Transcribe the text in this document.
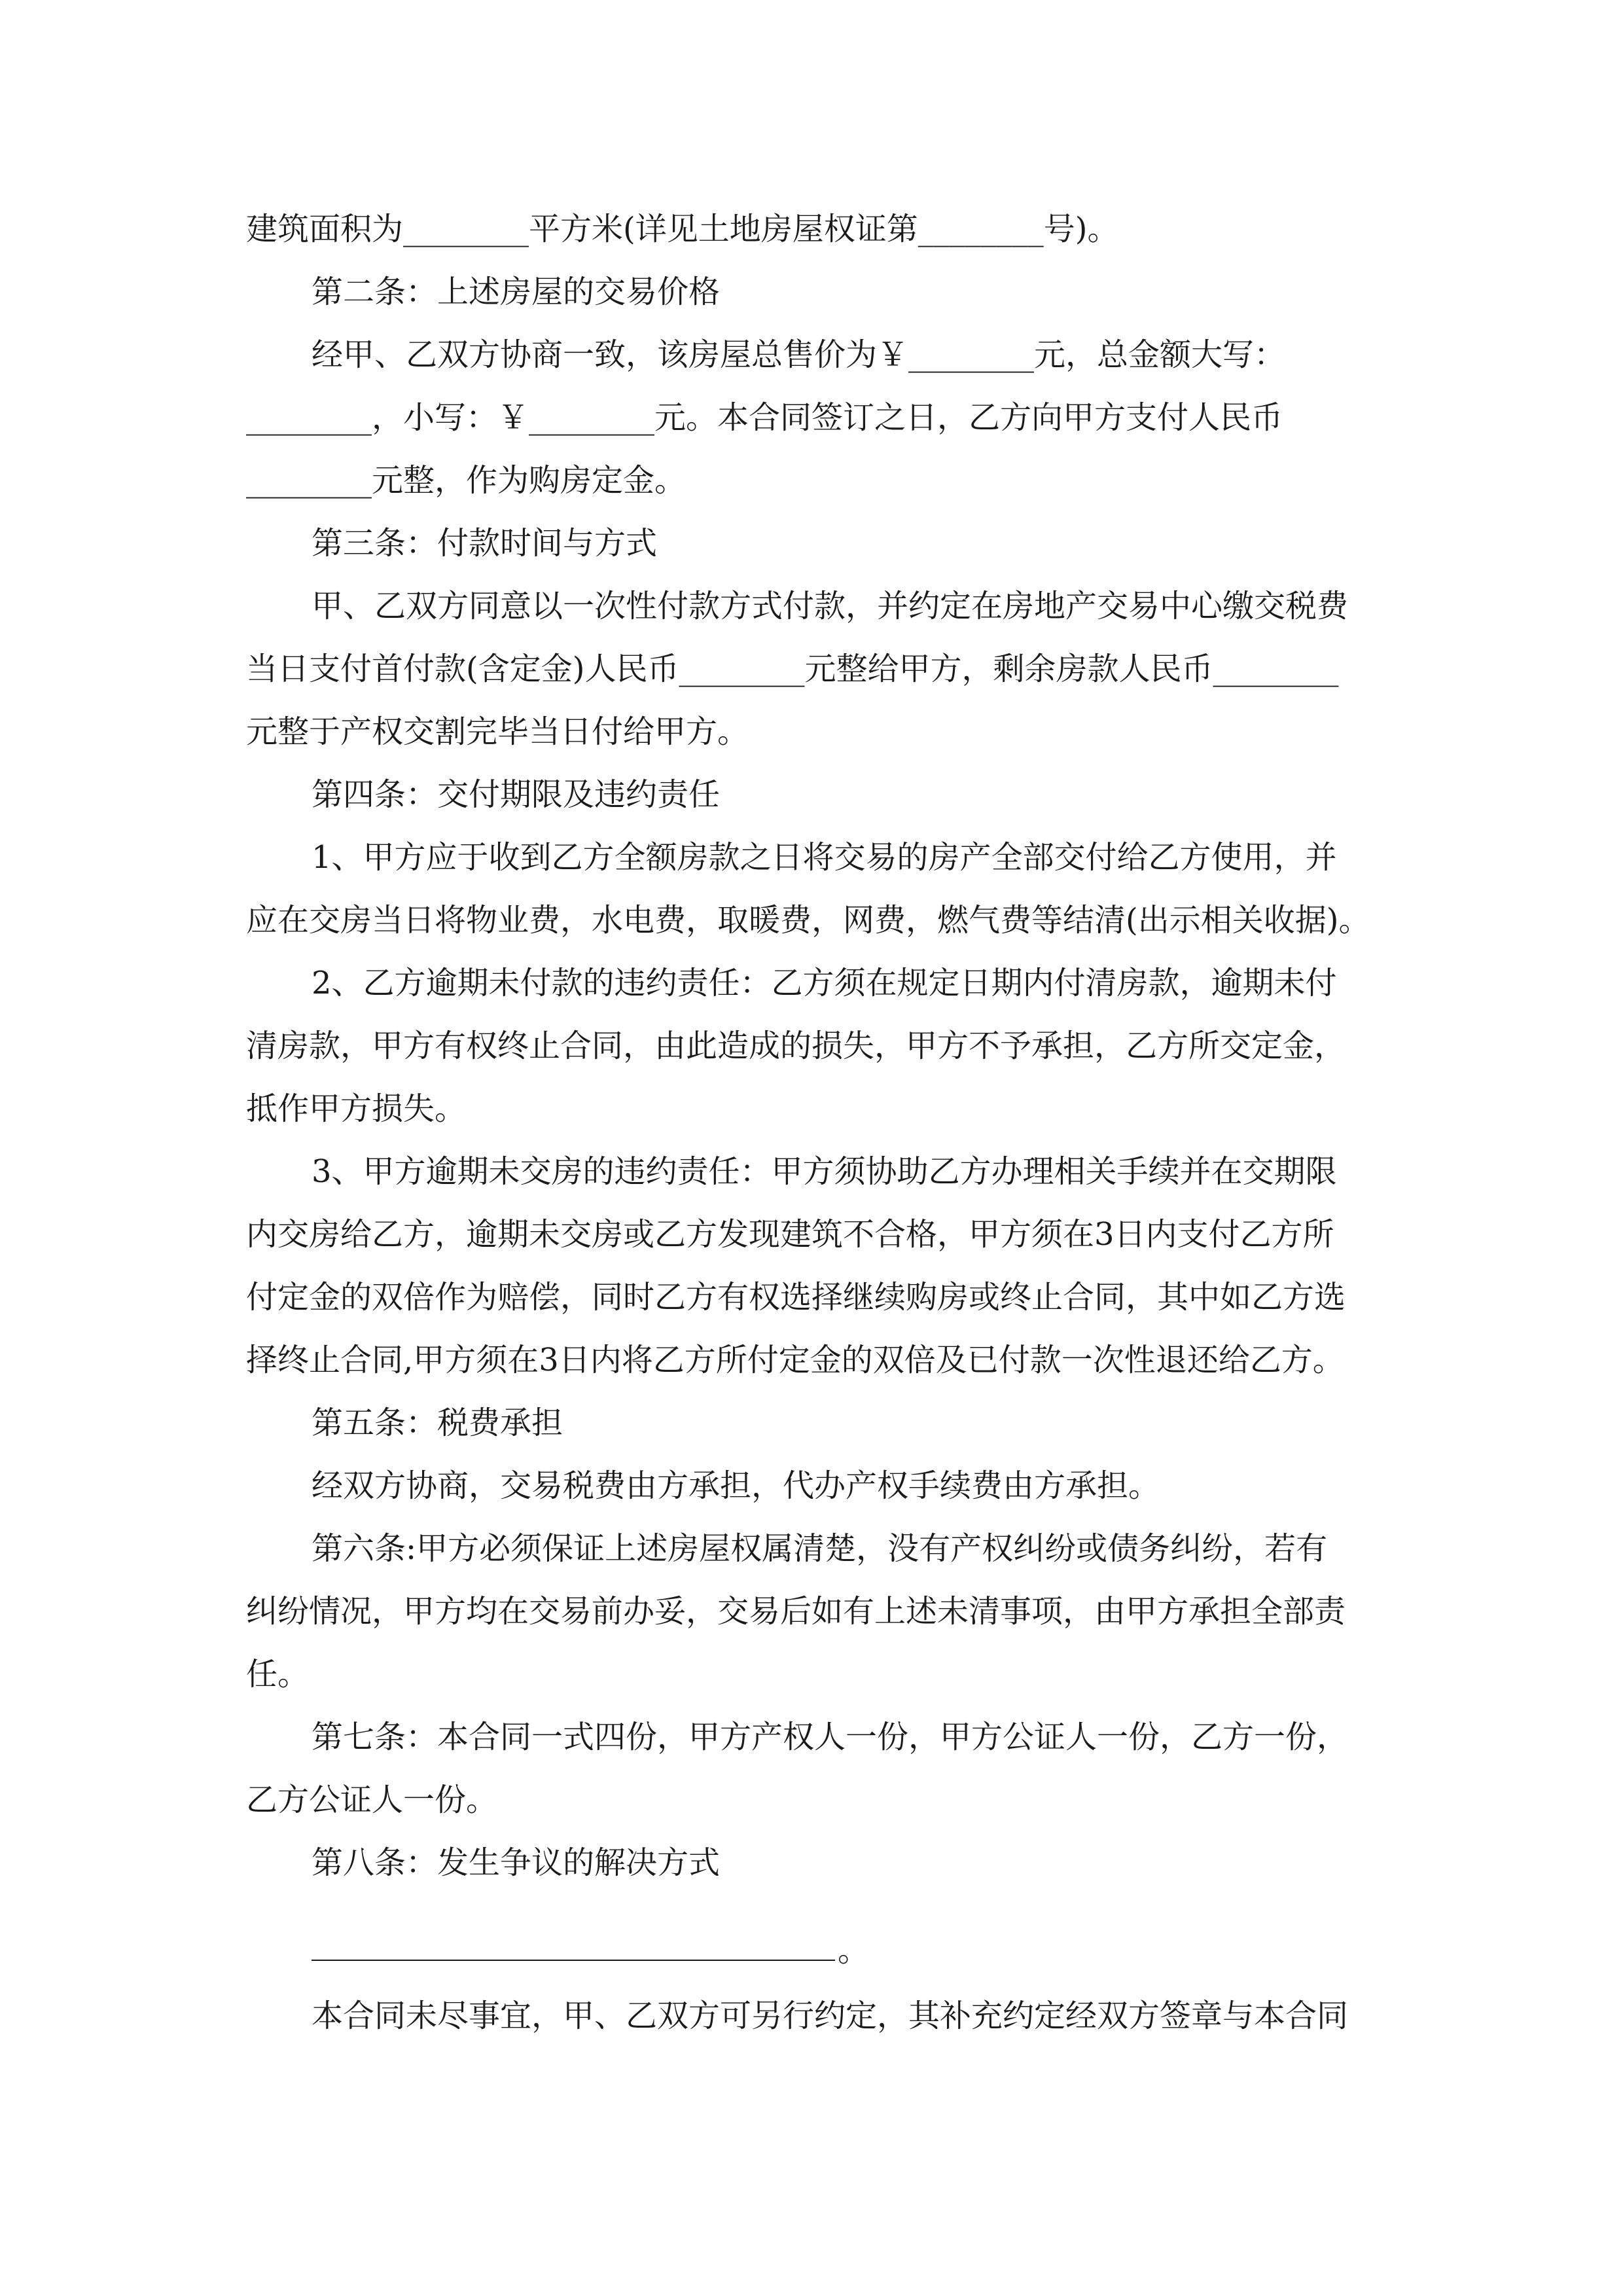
建筑面积为________平方米(详见土地房屋权证第________号)。
第二条：上述房屋的交易价格
经甲、乙双方协商一致，该房屋总售价为￥________元，总金额大写：
________，小写：￥________元。本合同签订之日，乙方向甲方支付人民币
________元整，作为购房定金。
第三条：付款时间与方式
甲、乙双方同意以一次性付款方式付款，并约定在房地产交易中心缴交税费
当日支付首付款(含定金)人民币________元整给甲方，剩余房款人民币________
元整于产权交割完毕当日付给甲方。
第四条：交付期限及违约责任
1、甲方应于收到乙方全额房款之日将交易的房产全部交付给乙方使用，并
应在交房当日将物业费，水电费，取暖费，网费，燃气费等结清(出示相关收据)。
2、乙方逾期未付款的违约责任：乙方须在规定日期内付清房款，逾期未付
清房款，甲方有权终止合同，由此造成的损失，甲方不予承担，乙方所交定金，
抵作甲方损失。
3、甲方逾期未交房的违约责任：甲方须协助乙方办理相关手续并在交期限
内交房给乙方，逾期未交房或乙方发现建筑不合格，甲方须在3日内支付乙方所
付定金的双倍作为赔偿，同时乙方有权选择继续购房或终止合同，其中如乙方选
择终止合同,甲方须在3日内将乙方所付定金的双倍及已付款一次性退还给乙方。
第五条：税费承担
经双方协商，交易税费由方承担，代办产权手续费由方承担。
第六条:甲方必须保证上述房屋权属清楚，没有产权纠纷或债务纠纷，若有
纠纷情况，甲方均在交易前办妥，交易后如有上述未清事项，由甲方承担全部责
任。
第七条：本合同一式四份，甲方产权人一份，甲方公证人一份，乙方一份，
乙方公证人一份。
第八条：发生争议的解决方式
。
本合同未尽事宜，甲、乙双方可另行约定，其补充约定经双方签章与本合同
